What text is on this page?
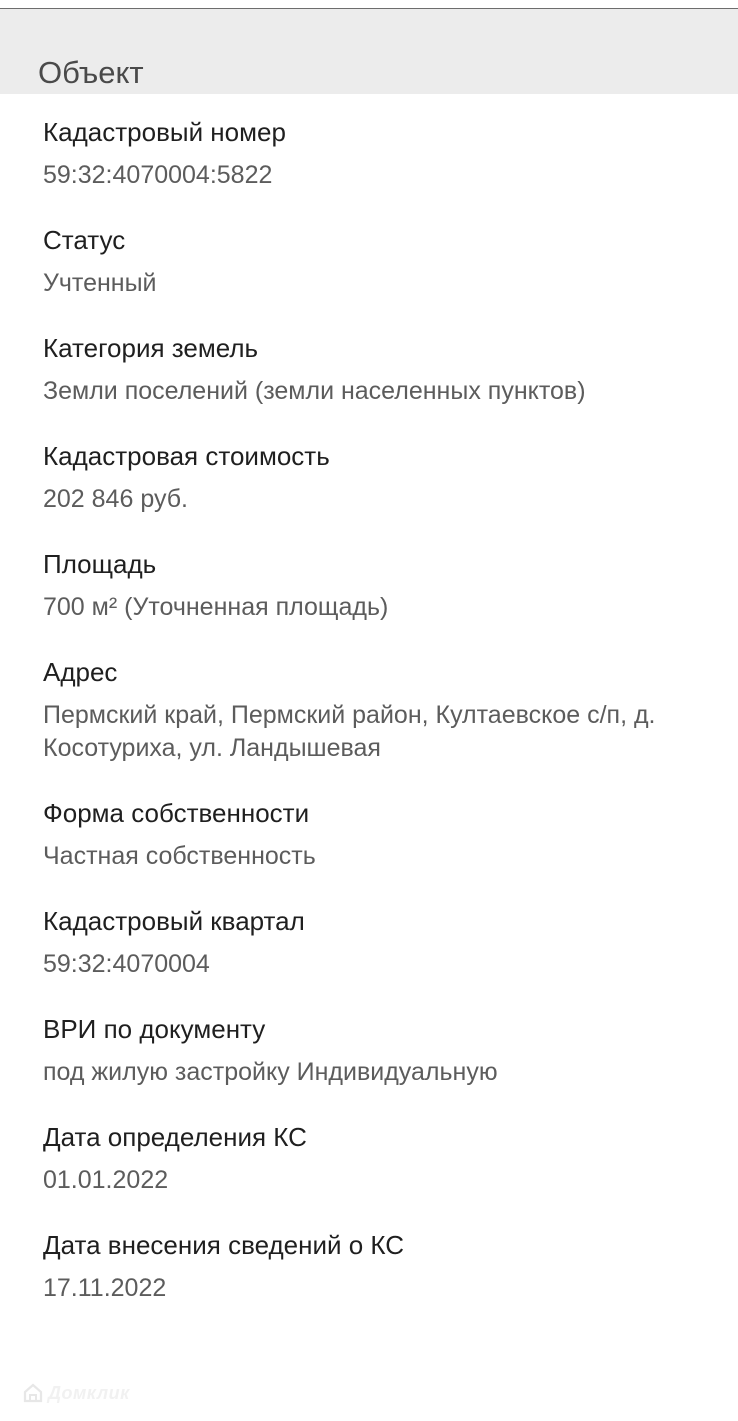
Объект
Кадастровый номер
59:32:4070004:5822
Статус
Учтенный
Категория земель
Земли поселений (земли населенных пунктов)
Кадастровая стоимость
202 846 руб.
Площадь
700 м² (Уточненная площадь)
Адрес
Пермский край, Пермский район, Култаевское с/п, д. Косотуриха, ул. Ландышевая
Форма собственности
Частная собственность
Кадастровый квартал
59:32:4070004
ВРИ по документу
под жилую застройку Индивидуальную
Дата определения КС
01.01.2022
Дата внесения сведений о КС
17.11.2022
Домклик
